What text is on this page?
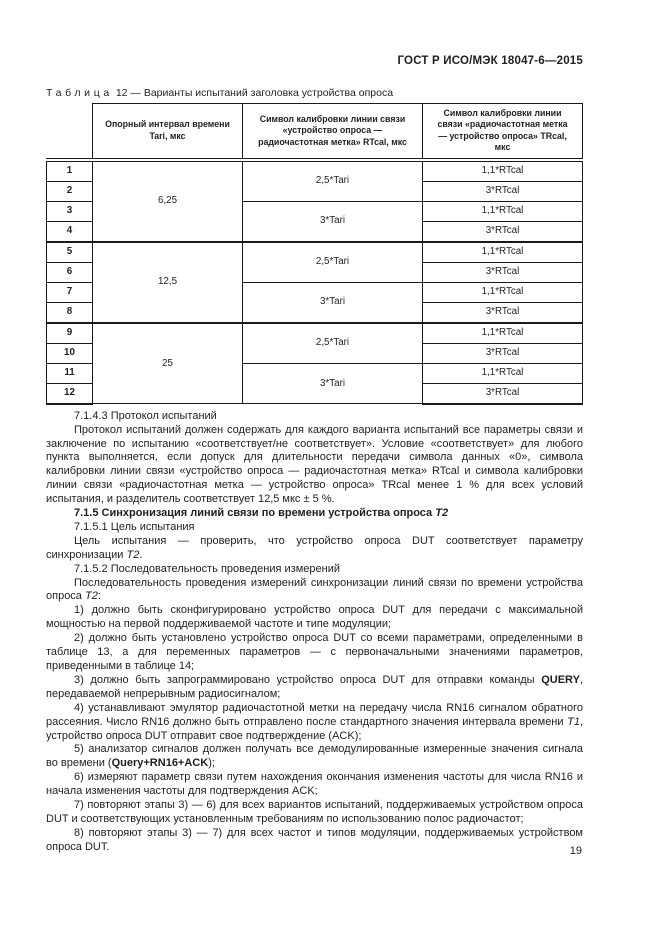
ГОСТ Р ИСО/МЭК 18047-6—2015
Таблица 12 — Варианты испытаний заголовка устройства опроса
	Опорный интервал времени Tari, мкс	Символ калибровки линии связи «устройство опроса — радиочастотная метка» RTcal, мкс	Символ калибровки линии связи «радиочастотная метка — устройство опроса» TRcal, мкс
1	6,25	2,5*Tari	1,1*RTcal
2			3*RTcal
3		3*Tari	1,1*RTcal
4			3*RTcal
5	12,5	2,5*Tari	1,1*RTcal
6			3*RTcal
7		3*Tari	1,1*RTcal
8			3*RTcal
9	25	2,5*Tari	1,1*RTcal
10			3*RTcal
11		3*Tari	1,1*RTcal
12			3*RTcal

7.1.4.3 Протокол испытаний

Протокол испытаний должен содержать для каждого варианта испытаний все параметры связи и заключение по испытанию «соответствует/не соответствует». Условие «соответствует» для любого пункта выполняется, если допуск для длительности передачи символа данных «0», символа калибровки линии связи «устройство опроса — радиочастотная метка» RTcal и символа калибровки линии связи «радиочастотная метка — устройство опроса» TRcal менее 1 % для всех условий испытания, и разделитель соответствует 12,5 мкс ± 5 %.

7.1.5 Синхронизация линий связи по времени устройства опроса T2

7.1.5.1 Цель испытания

Цель испытания — проверить, что устройство опроса DUT соответствует параметру синхронизации T2.

7.1.5.2 Последовательность проведения измерений

Последовательность проведения измерений синхронизации линий связи по времени устройства опроса T2:

1) должно быть сконфигурировано устройство опроса DUT для передачи с максимальной мощностью на первой поддерживаемой частоте и типе модуляции;

2) должно быть установлено устройство опроса DUT со всеми параметрами, определенными в таблице 13, а для переменных параметров — с первоначальными значениями параметров, приведенными в таблице 14;

3) должно быть запрограммировано устройство опроса DUT для отправки команды QUERY, передаваемой непрерывным радиосигналом;

4) устанавливают эмулятор радиочастотной метки на передачу числа RN16 сигналом обратного рассеяния. Число RN16 должно быть отправлено после стандартного значения интервала времени T1, устройство опроса DUT отправит свое подтверждение (ACK);

5) анализатор сигналов должен получать все демодулированные измеренные значения сигнала во времени (Query+RN16+ACK);

6) измеряют параметр связи путем нахождения окончания изменения частоты для числа RN16 и начала изменения частоты для подтверждения ACK;

7) повторяют этапы 3) — 6) для всех вариантов испытаний, поддерживаемых устройством опроса DUT и соответствующих установленным требованиям по использованию полос радиочастот;

8) повторяют этапы 3) — 7) для всех частот и типов модуляции, поддерживаемых устройством опроса DUT.	19
